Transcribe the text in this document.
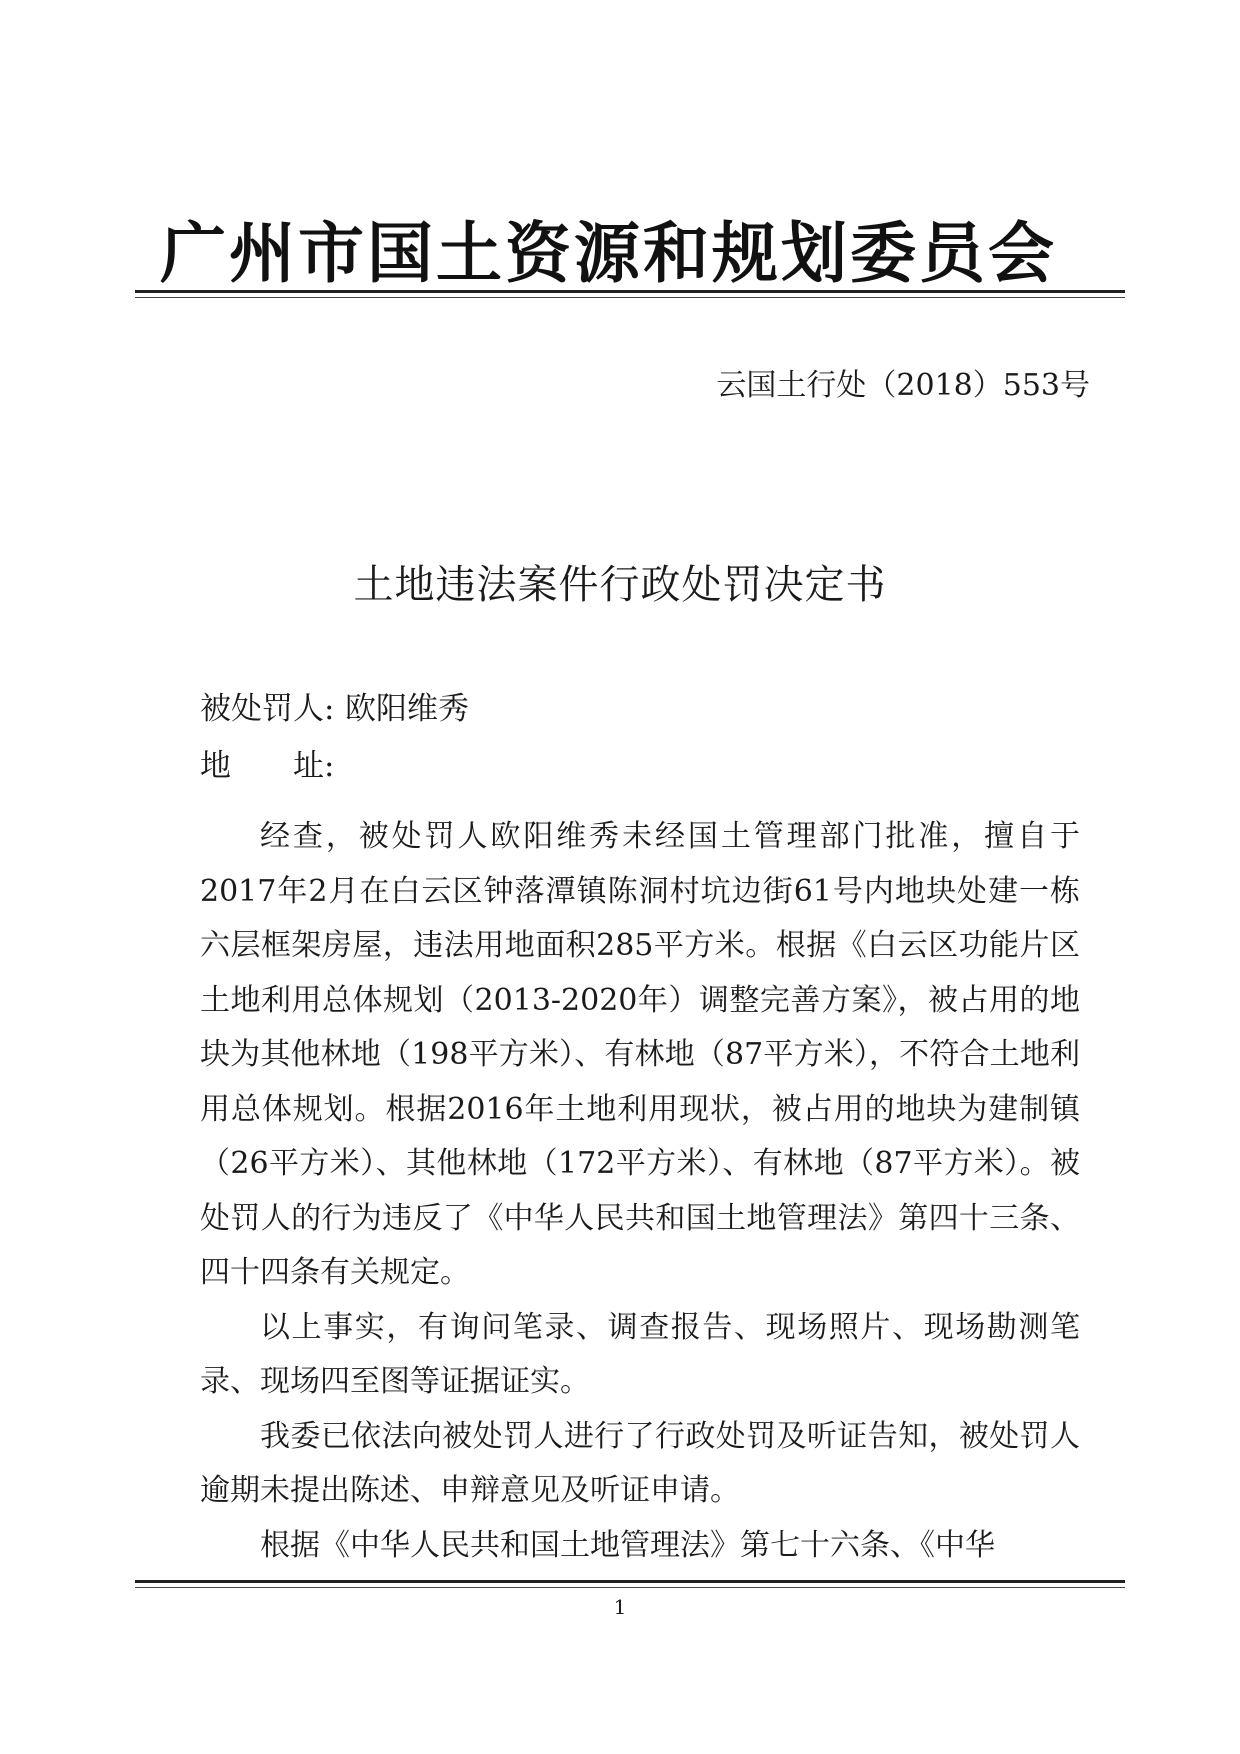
广州市国土资源和规划委员会
云国土行处（2018）553号
土地违法案件行政处罚决定书
被处罚人: 欧阳维秀
地　　址:

经查，被处罚人欧阳维秀未经国土管理部门批准，擅自于2017年2月在白云区钟落潭镇陈洞村坑边街61号内地块处建一栋六层框架房屋，违法用地面积285平方米。根据《白云区功能片区土地利用总体规划（2013-2020年）调整完善方案》，被占用的地块为其他林地（198平方米）、有林地（87平方米），不符合土地利用总体规划。根据2016年土地利用现状，被占用的地块为建制镇（26平方米）、其他林地（172平方米）、有林地（87平方米）。被处罚人的行为违反了《中华人民共和国土地管理法》第四十三条、四十四条有关规定。

以上事实，有询问笔录、调查报告、现场照片、现场勘测笔录、现场四至图等证据证实。

我委已依法向被处罚人进行了行政处罚及听证告知，被处罚人逾期未提出陈述、申辩意见及听证申请。

根据《中华人民共和国土地管理法》第七十六条、《中华

1
